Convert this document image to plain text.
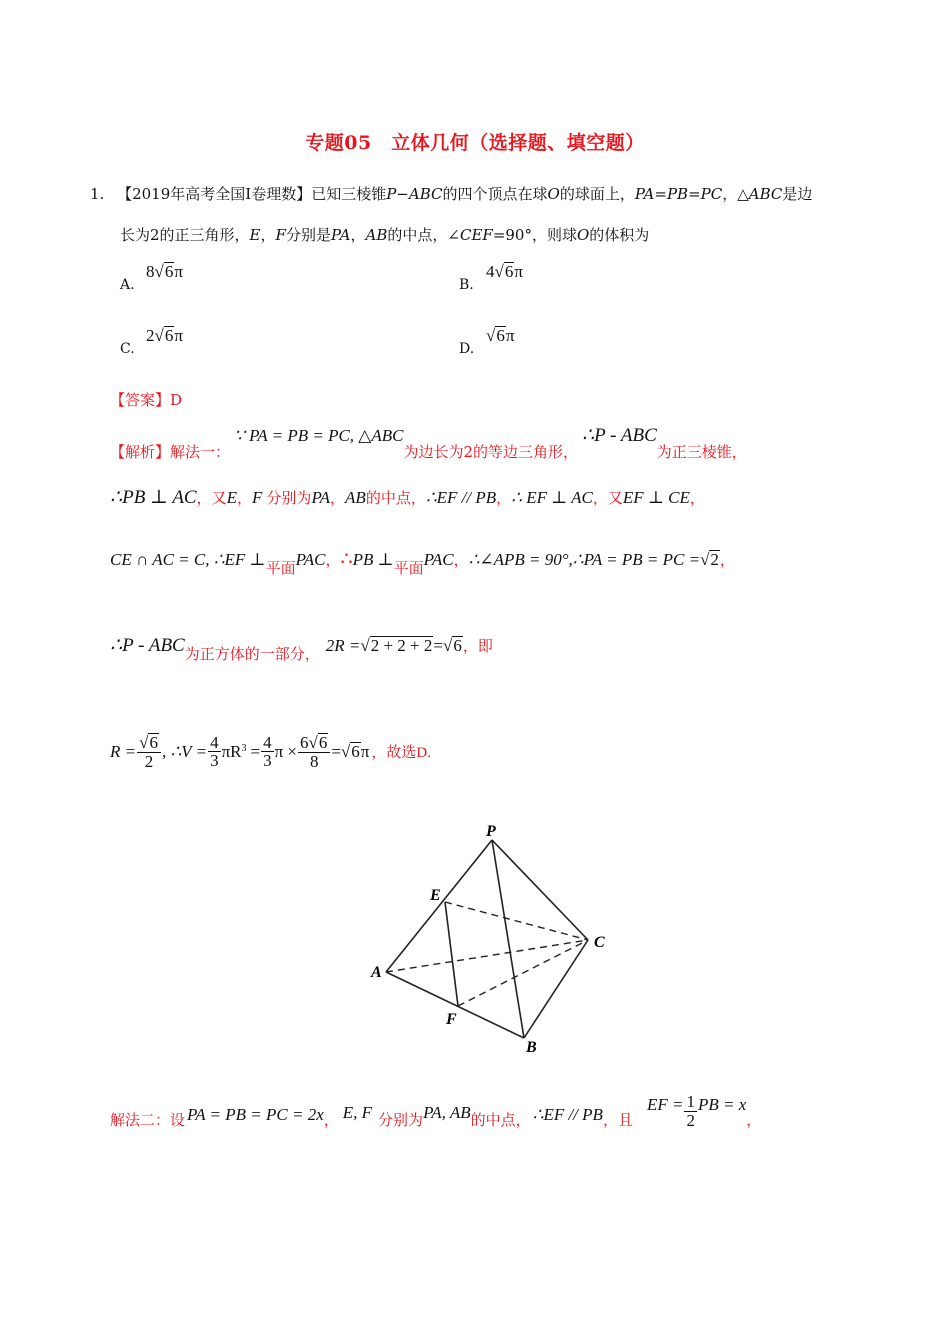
专题05　立体几何（选择题、填空题）
1. 【2019年高考全国Ⅰ卷理数】已知三棱锥P−ABC的四个顶点在球O的球面上，PA=PB=PC，△ABC是边
长为2的正三角形，E，F分别是PA，AB的中点，∠CEF=90°，则球O的体积为
A.
8√6π
B.
4√6π
C.
2√6π
D.
√6π
【答案】D
【解析】解法一：∵ PA = PB = PC, △ABC为边长为2的等边三角形，∴P - ABC为正三棱锥，
∴PB ⊥ AC，又E，F 分别为PA，AB的中点，∴EF // PB，∴ EF ⊥ AC，又EF ⊥ CE，
CE ∩ AC = C, ∴EF ⊥平面PAC，∴PB ⊥平面PAC，∴∠APB = 90°,∴PA = PB = PC =√2，
∴P - ABC为正方体的一部分， 2R =√2 + 2 + 2=√6，即
$R = \frac{√6}{2}$ , ∴V = $\frac{4}{3}$ πR $3 = \frac{4}{3}$ $\pi \times \frac{6√6}{8}$ = √ 6 π ，故选D.
P
E
C
A
F
B
解法二：设 PA = PB = PC = 2x ， E, F 分别为 PA, AB 的中点， ∴EF // PB ，且
EF = $\frac{1}{2}$ PB = x
，
